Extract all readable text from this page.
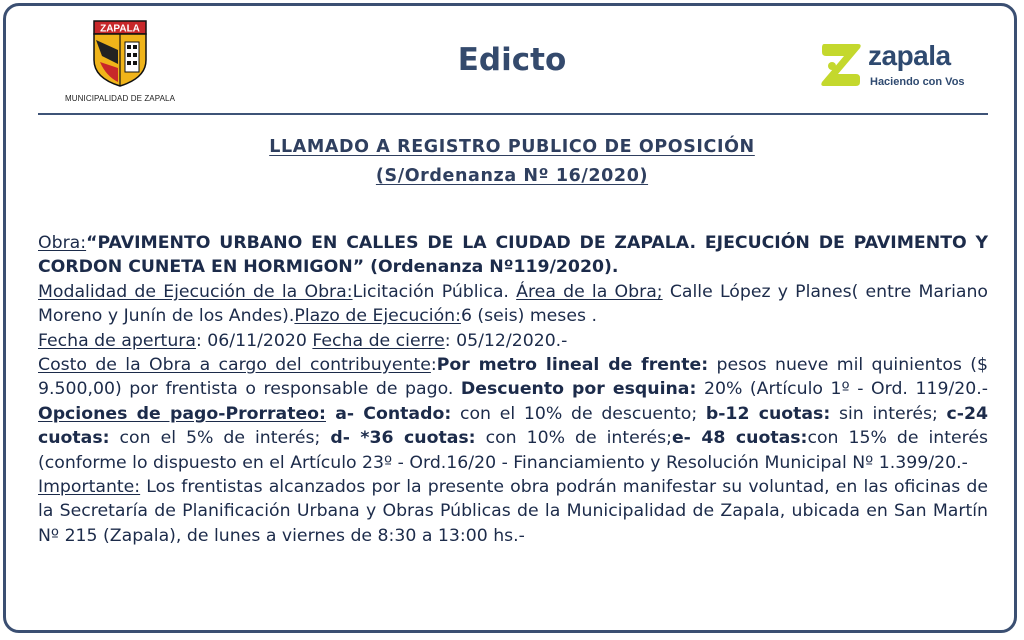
ZAPALA
MUNICIPALIDAD DE ZAPALA
Edicto	zapala
Haciendo con Vos
LLAMADO A REGISTRO PUBLICO DE OPOSICIÓN
(S/Ordenanza Nº 16/2020)
Obra:“PAVIMENTO URBANO EN CALLES DE LA CIUDAD DE ZAPALA. EJECUCIÓN DE PAVIMENTO Y CORDON CUNETA EN HORMIGON” (Ordenanza Nº119/2020).
Modalidad de Ejecución de la Obra:Licitación Pública. Área de la Obra; Calle López y Planes( entre Mariano Moreno y Junín de los Andes).Plazo de Ejecución:6 (seis) meses .
Fecha de apertura: 06/11/2020 Fecha de cierre: 05/12/2020.-
Costo de la Obra a cargo del contribuyente:Por metro lineal de frente: pesos nueve mil quinientos ($ 9.500,00) por frentista o responsable de pago. Descuento por esquina: 20% (Artículo 1º - Ord. 119/20.- Opciones de pago-Prorrateo: a- Contado: con el 10% de descuento; b-12 cuotas: sin interés; c-24 cuotas: con el 5% de interés; d- *36 cuotas: con 10% de interés;e- 48 cuotas:con 15% de interés (conforme lo dispuesto en el Artículo 23º - Ord.16/20 - Financiamiento y Resolución Municipal Nº 1.399/20.-
Importante: Los frentistas alcanzados por la presente obra podrán manifestar su voluntad, en las oficinas de la Secretaría de Planificación Urbana y Obras Públicas de la Municipalidad de Zapala, ubicada en San Martín Nº 215 (Zapala), de lunes a viernes de 8:30 a 13:00 hs.-
